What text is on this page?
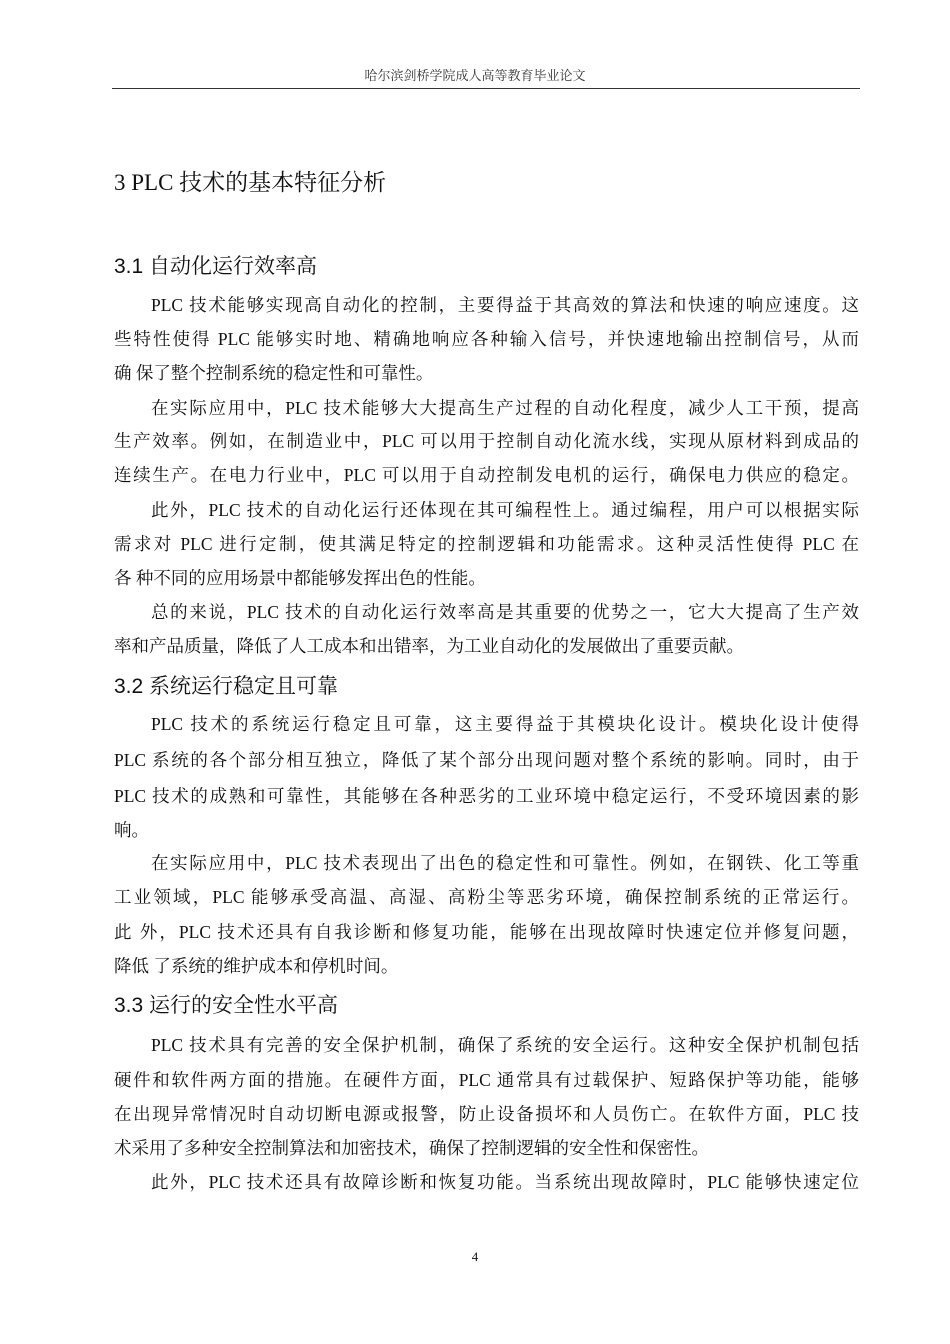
哈尔滨剑桥学院成人高等教育毕业论文
3 PLC 技术的基本特征分析
3.1 自动化运行效率高
PLC 技术能够实现高自动化的控制，主要得益于其高效的算法和快速的响应速度。这
些特性使得 PLC 能够实时地、精确地响应各种输入信号，并快速地输出控制信号，从而
确 保了整个控制系统的稳定性和可靠性。
在实际应用中，PLC 技术能够大大提高生产过程的自动化程度，减少人工干预，提高
生产效率。例如，在制造业中，PLC 可以用于控制自动化流水线，实现从原材料到成品的
连续生产。在电力行业中，PLC 可以用于自动控制发电机的运行，确保电力供应的稳定。
此外，PLC 技术的自动化运行还体现在其可编程性上。通过编程，用户可以根据实际
需求对 PLC 进行定制，使其满足特定的控制逻辑和功能需求。这种灵活性使得 PLC 在
各 种不同的应用场景中都能够发挥出色的性能。
总的来说，PLC 技术的自动化运行效率高是其重要的优势之一，它大大提高了生产效
率和产品质量，降低了人工成本和出错率，为工业自动化的发展做出了重要贡献。
3.2 系统运行稳定且可靠
PLC 技术的系统运行稳定且可靠，这主要得益于其模块化设计。模块化设计使得
PLC 系统的各个部分相互独立，降低了某个部分出现问题对整个系统的影响。同时，由于
PLC 技术的成熟和可靠性，其能够在各种恶劣的工业环境中稳定运行，不受环境因素的影
响。
在实际应用中，PLC 技术表现出了出色的稳定性和可靠性。例如，在钢铁、化工等重
工业领域，PLC 能够承受高温、高湿、高粉尘等恶劣环境，确保控制系统的正常运行。
此 外，PLC 技术还具有自我诊断和修复功能，能够在出现故障时快速定位并修复问题，
降低 了系统的维护成本和停机时间。
3.3 运行的安全性水平高
PLC 技术具有完善的安全保护机制，确保了系统的安全运行。这种安全保护机制包括
硬件和软件两方面的措施。在硬件方面，PLC 通常具有过载保护、短路保护等功能，能够
在出现异常情况时自动切断电源或报警，防止设备损坏和人员伤亡。在软件方面，PLC 技
术采用了多种安全控制算法和加密技术，确保了控制逻辑的安全性和保密性。
此外，PLC 技术还具有故障诊断和恢复功能。当系统出现故障时，PLC 能够快速定位
4
